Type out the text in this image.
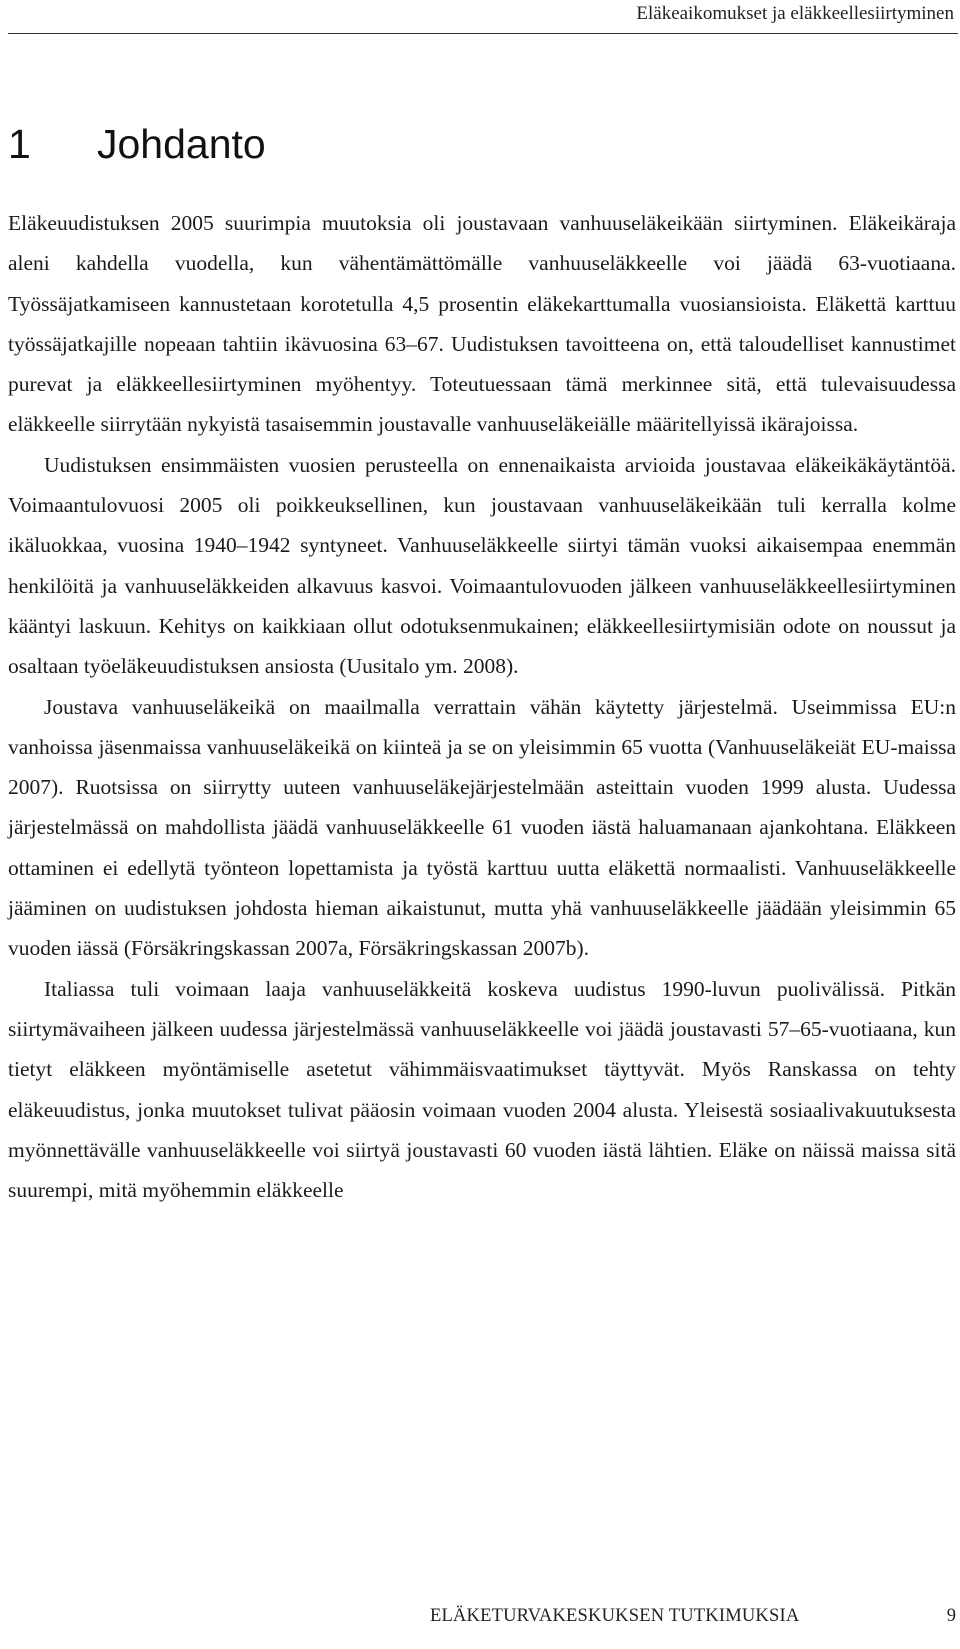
Eläkeaikomukset ja eläkkeellesiirtyminen
1 Johdanto

Eläkeuudistuksen 2005 suurimpia muutoksia oli joustavaan vanhuuseläkeikään siirtyminen. Eläkeikäraja aleni kahdella vuodella, kun vähentämättömälle vanhuuseläkkeelle voi jäädä 63-vuotiaana. Työssäjatkamiseen kannustetaan korotetulla 4,5 prosentin eläkekarttumalla vuosiansioista. Eläkettä karttuu työssäjatkajille nopeaan tahtiin ikävuosina 63–67. Uudistuksen tavoitteena on, että taloudelliset kannustimet purevat ja eläkkeellesiirtyminen myöhentyy. Toteutuessaan tämä merkinnee sitä, että tulevaisuudessa eläkkeelle siirrytään nykyistä tasaisemmin joustavalle vanhuuseläkeiälle määritellyissä ikärajoissa.

Uudistuksen ensimmäisten vuosien perusteella on ennenaikaista arvioida joustavaa eläkeikäkäytäntöä. Voimaantulovuosi 2005 oli poikkeuksellinen, kun joustavaan vanhuuseläkeikään tuli kerralla kolme ikäluokkaa, vuosina 1940–1942 syntyneet. Vanhuuseläkkeelle siirtyi tämän vuoksi aikaisempaa enemmän henkilöitä ja vanhuuseläkkeiden alkavuus kasvoi. Voimaantulovuoden jälkeen vanhuuseläkkeellesiirtyminen kääntyi laskuun. Kehitys on kaikkiaan ollut odotuksenmukainen; eläkkeellesiirtymisiän odote on noussut ja osaltaan työeläkeuudistuksen ansiosta (Uusitalo ym. 2008).

Joustava vanhuuseläkeikä on maailmalla verrattain vähän käytetty järjestelmä. Useimmissa EU:n vanhoissa jäsenmaissa vanhuuseläkeikä on kiinteä ja se on yleisimmin 65 vuotta (Vanhuuseläkeiät EU-maissa 2007). Ruotsissa on siirrytty uuteen vanhuuseläkejärjestelmään asteittain vuoden 1999 alusta. Uudessa järjestelmässä on mahdollista jäädä vanhuuseläkkeelle 61 vuoden iästä haluamanaan ajankohtana. Eläkkeen ottaminen ei edellytä työnteon lopettamista ja työstä karttuu uutta eläkettä normaalisti. Vanhuuseläkkeelle jääminen on uudistuksen johdosta hieman aikaistunut, mutta yhä vanhuuseläkkeelle jäädään yleisimmin 65 vuoden iässä (Försäkringskassan 2007a, Försäkringskassan 2007b).

Italiassa tuli voimaan laaja vanhuuseläkkeitä koskeva uudistus 1990-luvun puolivälissä. Pitkän siirtymävaiheen jälkeen uudessa järjestelmässä vanhuuseläkkeelle voi jäädä joustavasti 57–65-vuotiaana, kun tietyt eläkkeen myöntämiselle asetetut vähimmäisvaatimukset täyttyvät. Myös Ranskassa on tehty eläkeuudistus, jonka muutokset tulivat pääosin voimaan vuoden 2004 alusta. Yleisestä sosiaalivakuutuksesta myönnettävälle vanhuuseläkkeelle voi siirtyä joustavasti 60 vuoden iästä lähtien. Eläke on näissä maissa sitä suurempi, mitä myöhemmin eläkkeelle

ELÄKETURVAKESKUKSEN TUTKIMUKSIA	9
